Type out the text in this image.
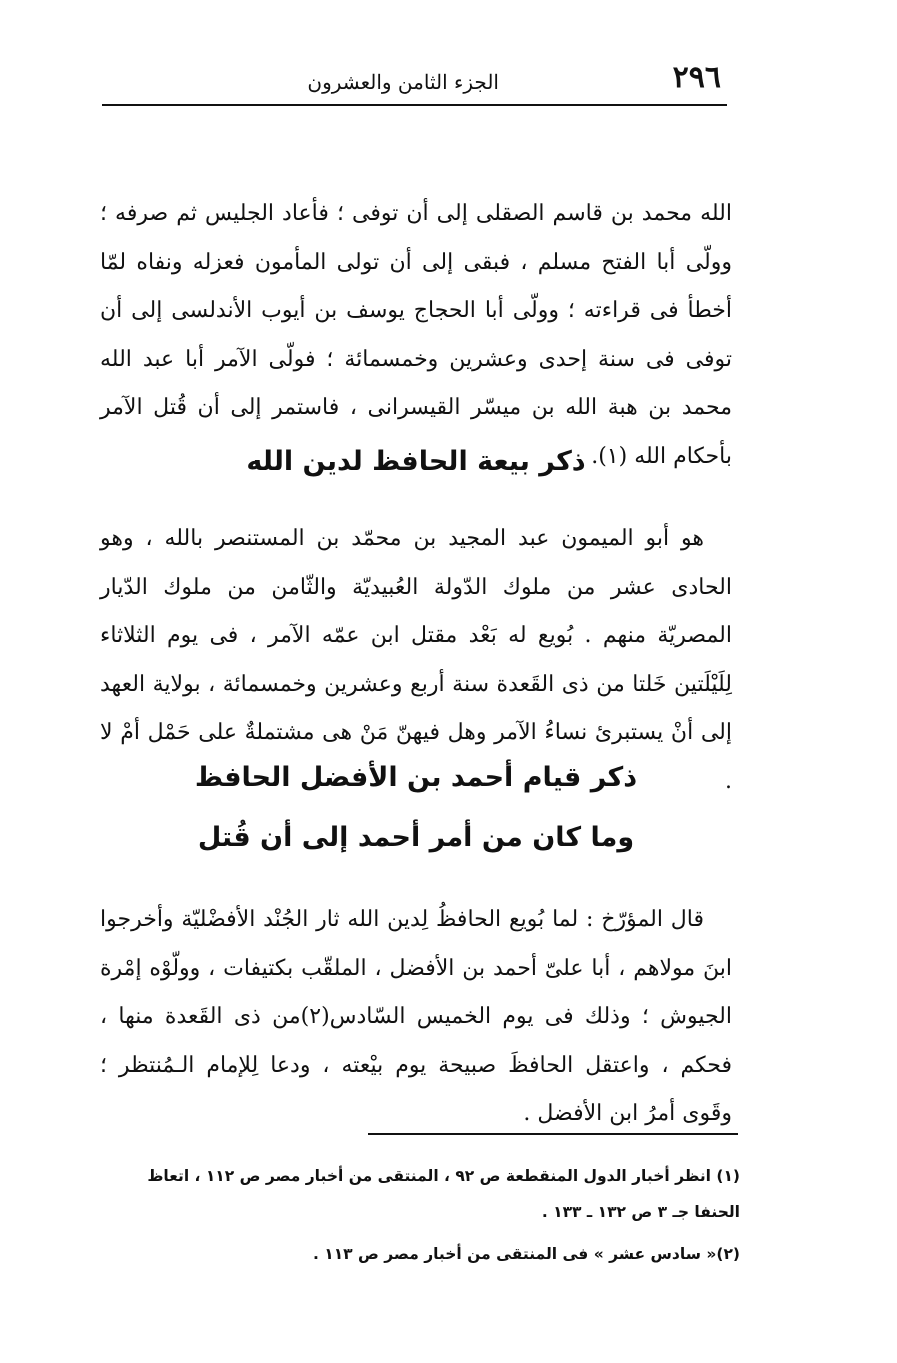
٢٩٦
الجزء الثامن والعشرون

الله محمد بن قاسم الصقلى إلى أن توفى ؛ فأعاد الجليس ثم صرفه ؛ وولّى أبا الفتح مسلم ، فبقى إلى أن تولى المأمون فعزله ونفاه لمّا أخطأ فى قراءته ؛ وولّى أبا الحجاج يوسف بن أيوب الأندلسى إلى أن توفى فى سنة إحدى وعشرين وخمسمائة ؛ فولّى الآمر أبا عبد الله محمد بن هبة الله بن ميسّر القيسرانى ، فاستمر إلى أن قُتل الآمر بأحكام الله (١).

ذكر بيعة الحافظ لدين الله

هو أبو الميمون عبد المجيد بن محمّد بن المستنصر بالله ، وهو الحادى عشر من ملوك الدّولة العُبيديّة والثّامن من ملوك الدّيار المصريّة منهم . بُويع له بَعْد مقتل ابن عمّه الآمر ، فى يوم الثلاثاء لِلَيْلَتين خَلتا من ذى القَعدة سنة أربع وعشرين وخمسمائة ، بولاية العهد إلى أنْ يستبرئ نساءُ الآمر وهل فيهنّ مَنْ هى مشتملةٌ على حَمْل أمْ لا .

ذكر قيام أحمد بن الأفضل الحافظ
وما كان من أمر أحمد إلى أن قُتل

قال المؤرّخ : لما بُويع الحافظُ لِدين الله ثار الجُنْد الأفضْليّة وأخرجوا ابنَ مولاهم ، أبا علىّ أحمد بن الأفضل ، الملقّب بكتيفات ، وولّوْه إمْرة الجيوش ؛ وذلك فى يوم الخميس السّادس(٢)من ذى القَعدة منها ، فحكم ، واعتقل الحافظَ صبيحة يوم بيْعته ، ودعا لِلإمام الـمُنتظر ؛ وقَوى أمرُ ابن الأفضل .

(١) انظر أخبار الدول المنقطعة ص ٩٢ ، المنتقى من أخبار مصر ص ١١٢ ، اتعاظ الحنفا جـ ٣ ص ١٣٢ ـ ١٣٣ .

(٢)« سادس عشر » فى المنتقى من أخبار مصر ص ١١٣ .
